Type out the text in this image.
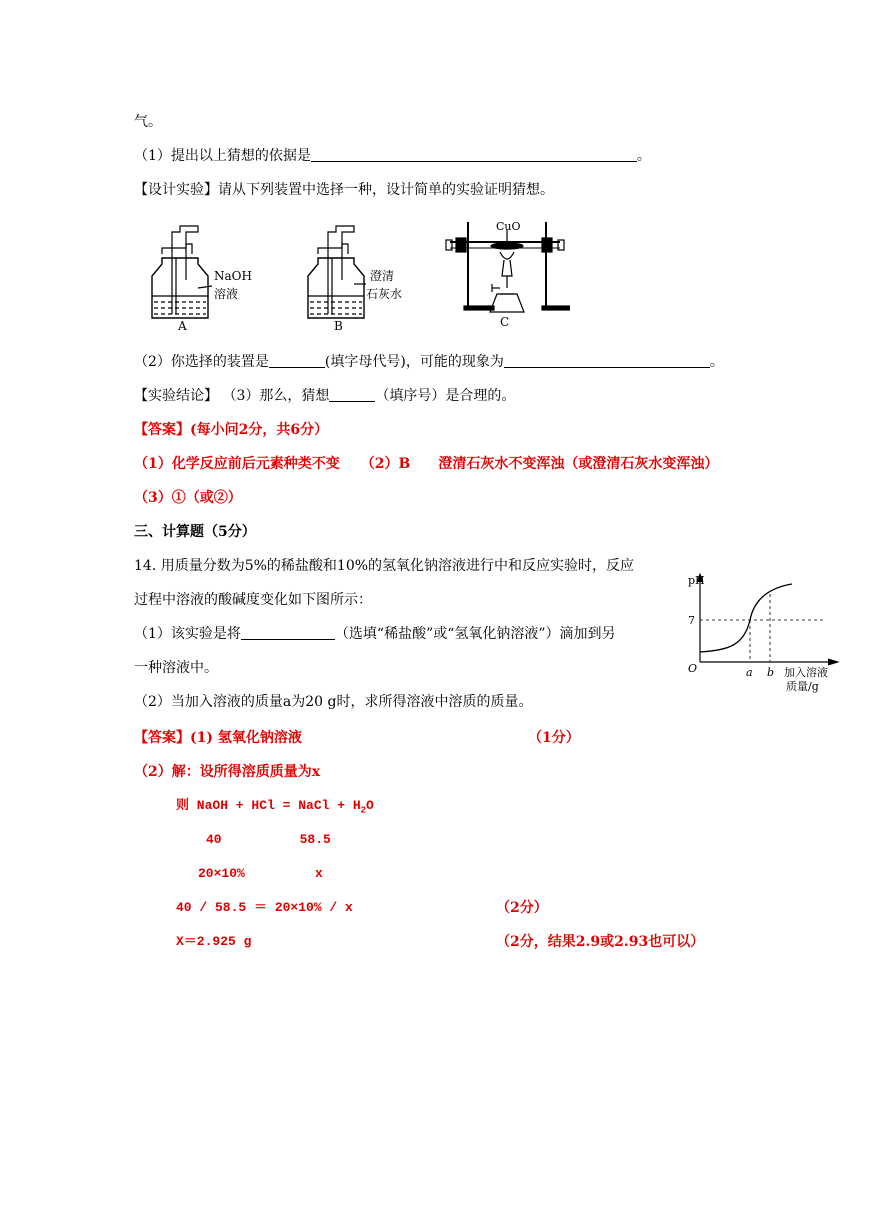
气。
（1）提出以上猜想的依据是	。
【设计实验】请从下列装置中选择一种，设计简单的实验证明猜想。
NaOH
溶液
A
澄清
石灰水
B
CuO
C
（2）你选择的装置是	(填字母代号)，可能的现象为	。
【实验结论】 （3）那么，猜想	（填序号）是合理的。
【答案】(每小问2分，共6分）
（1）化学反应前后元素种类不变　　（2）B　　澄清石灰水不变浑浊（或澄清石灰水变浑浊）
（3）①（或②）
三、计算题（5分）
14. 用质量分数为5%的稀盐酸和10%的氢氧化钠溶液进行中和反应实验时，反应
过程中溶液的酸碱度变化如下图所示：
（1）该实验是将	（选填“稀盐酸”或“氢氧化钠溶液”）滴加到另
一种溶液中。
（2）当加入溶液的质量a为20 g时，求所得溶液中溶质的质量。
pH
7
O	a b 加入溶液
质量/g
【答案】(1) 氢氧化钠溶液	（1分）
（2）解：设所得溶质质量为x
则 NaOH + HCl = NaCl + $H_2O$
40          58.5
20×10%         x
40 / 58.5 ＝ 20×10% / x	（2分）
X＝2.925 g	（2分，结果2.9或2.93也可以）
